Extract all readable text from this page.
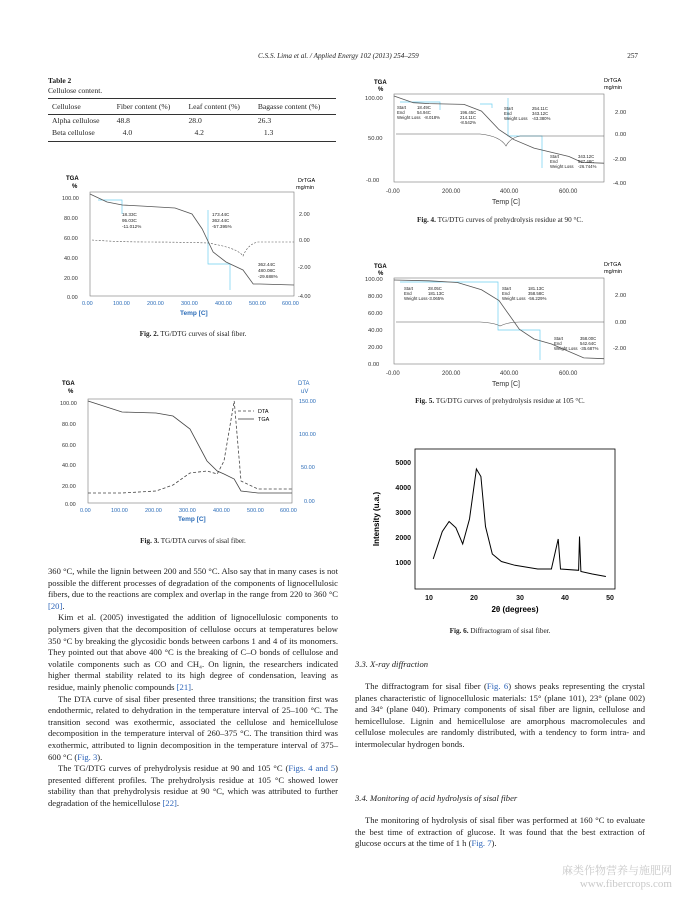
C.S.S. Lima et al. / Applied Energy 102 (2013) 254–259	257
Table 2
Cellulose content.
Cellulose	Fiber content (%)	Leaf content (%)	Bagasse content (%)
Alpha cellulose	48.8	28.0	26.3
Beta cellulose	4.0	4.2	1.3
TGA
%
DrTGA
mg/min
100.00
80.00
60.00
40.00
20.00
0.00
2.00
0.00
-2.00
-4.00
0.00	100.00	200.00	300.00	400.00	500.00	600.00
Temp [C]
18.33C
95.03C
-11.012%
173.44C
362.44C
-57.395%
362.44C
480.08C
-29.688%
Fig. 2. TG/DTG curves of sisal fiber.
TGA
%
DTA
uV
100.00
80.00
60.00
40.00
20.00
0.00
150.00
100.00
50.00
0.00
0.00	100.00	200.00	300.00	400.00	500.00	600.00
Temp [C]
DTA
TGA
Fig. 3. TG/DTA curves of sisal fiber.
TGA
%
DrTGA
mg/min
100.00
50.00
-0.00
2.00
0.00
-2.00
-4.00
-0.00	200.00	400.00	600.00
Temp [C]
Start
End
Weight Loss
18.49C
54.94C
-8.018%
196.45C
214.11C
-8.542%
Start
End
Weight Loss
254.11C
343.12C
-43.380%
Start
End
Weight Loss
343.12C
537.48C
-26.744%
Fig. 4. TG/DTG curves of prehydrolysis residue at 90 °C.
TGA
%
DrTGA
mg/min
100.00
80.00
60.00
40.00
20.00
0.00
2.00
0.00
-2.00
-0.00	200.00	400.00	600.00
Temp [C]
Start
End
Weight Loss
28.05C
181.13C
-3.065%
Start
End
Weight Loss
181.13C
358.58C
-56.229%
Start
End
Weight Loss
358.00C
542.64C
-35.687%
Fig. 5. TG/DTG curves of prehydrolysis residue at 105 °C.
1000
2000
3000
4000
5000
10	20	30	40	50
2θ (degrees)
Intensity (u.a.)
Fig. 6. Diffractogram of sisal fiber.

360 °C, while the lignin between 200 and 550 °C. Also say that in many cases is not possible the different processes of degradation of the components of lignocellulosic fibers, due to the reactions are complex and overlap in the range from 220 to 360 °C [20].

Kim et al. (2005) investigated the addition of lignocellulosic components to polymers given that the decomposition of cellulose occurs at temperatures below 350 °C by breaking the glycosidic bonds between carbons 1 and 4 of its monomers. They pointed out that above 400 °C is the breaking of C–O bonds of cellulose and volatile components such as CO and CH₄. On lignin, the researchers indicated higher thermal stability related to its high degree of condensation, leaving as residue, mainly phenolic compounds [21].

The DTA curve of sisal fiber presented three transitions; the transition first was endothermic, related to dehydration in the temperature interval of 25–100 °C. The transition second was exothermic, associated the cellulose and hemicellulose decomposition in the temperature interval of 260–375 °C. The transition third was exothermic, attributed to lignin decomposition in the temperature interval of 375–600 °C (Fig. 3).

The TG/DTG curves of prehydrolysis residue at 90 and 105 °C (Figs. 4 and 5) presented different profiles. The prehydrolysis residue at 105 °C showed lower stability than that prehydrolysis residue at 90 °C, which was attributed to further degradation of the hemicellulose [22].

3.3. X-ray diffraction

The diffractogram for sisal fiber (Fig. 6) shows peaks representing the crystal planes characteristic of lignocellulosic materials: 15° (plane 101), 23° (plane 002) and 34° (plane 040). Primary components of sisal fiber are lignin, cellulose and hemicellulose. Lignin and hemicellulose are amorphous macromolecules and cellulose molecules are randomly distributed, with a tendency to form intra- and intermolecular hydrogen bonds.

3.4. Monitoring of acid hydrolysis of sisal fiber

The monitoring of hydrolysis of sisal fiber was performed at 160 °C to evaluate the best time of extraction of glucose. It was found that the best extraction of glucose occurs at the time of 1 h (Fig. 7).

麻类作物营养与施肥网
www.fibercrops.com
